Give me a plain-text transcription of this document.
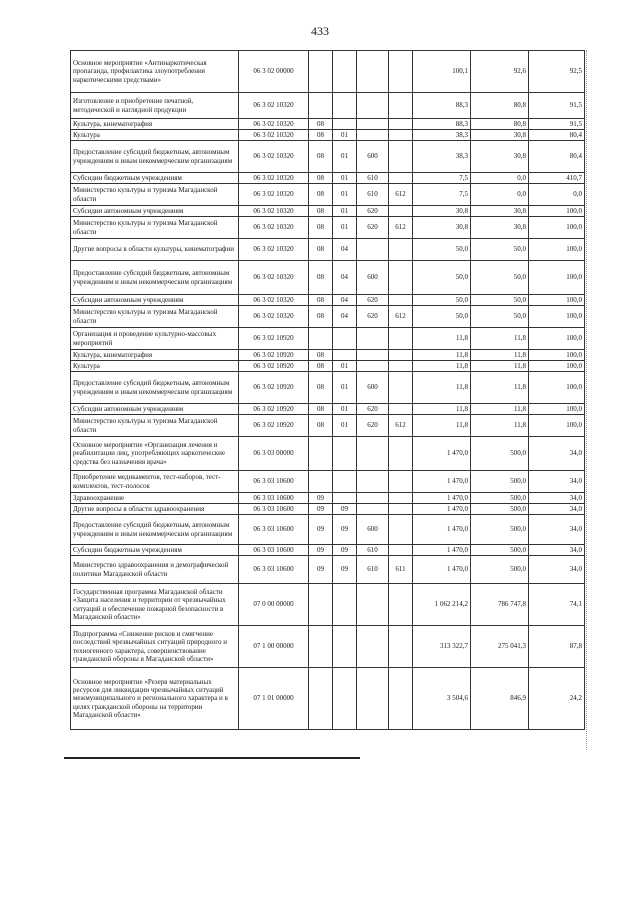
433
Основное мероприятие «Антинаркотическая пропаганда, профилактика злоупотребления наркотическими средствами»	06 3 02 00000					100,1	92,6	92,5
Изготовление и приобретение печатной, методической и наглядной продукции	06 3 02 10320					88,3	80,8	91,5
Культура, кинематография	06 3 02 10320	08				88,3	80,8	91,5
Культура	06 3 02 10320	08	01			38,3	30,8	80,4
Предоставление субсидий бюджетным, автономным учреждениям и иным некоммерческим организациям	06 3 02 10320	08	01	600		38,3	30,8	80,4
Субсидии бюджетным учреждениям	06 3 02 10320	08	01	610		7,5	0,0	410,7
Министерство культуры и туризма Магаданской области	06 3 02 10320	08	01	610	612	7,5	0,0	0,0
Субсидии автономным учреждениям	06 3 02 10320	08	01	620		30,8	30,8	100,0
Министерство культуры и туризма Магаданской области	06 3 02 10320	08	01	620	612	30,8	30,8	100,0
Другие вопросы в области культуры, кинематографии	06 3 02 10320	08	04			50,0	50,0	100,0
Предоставление субсидий бюджетным, автономным учреждениям и иным некоммерческим организациям	06 3 02 10320	08	04	600		50,0	50,0	100,0
Субсидии автономным учреждениям	06 3 02 10320	08	04	620		50,0	50,0	100,0
Министерство культуры и туризма Магаданской области	06 3 02 10320	08	04	620	612	50,0	50,0	100,0
Организация и проведение культурно-массовых мероприятий	06 3 02 10920					11,8	11,8	100,0
Культура, кинематография	06 3 02 10920	08				11,8	11,8	100,0
Культура	06 3 02 10920	08	01			11,8	11,8	100,0
Предоставление субсидий бюджетным, автономным учреждениям и иным некоммерческим организациям	06 3 02 10920	08	01	600		11,8	11,8	100,0
Субсидии автономным учреждениям	06 3 02 10920	08	01	620		11,8	11,8	100,0
Министерство культуры и туризма Магаданской области	06 3 02 10920	08	01	620	612	11,8	11,8	100,0
Основное мероприятие «Организация лечения и реабилитации лиц, употребляющих наркотические средства без назначения врача»	06 3 03 00000					1 470,0	500,0	34,0
Приобретение медикаментов, тест-наборов, тест-комплектов, тест-полосок	06 3 03 10600					1 470,0	500,0	34,0
Здравоохранение	06 3 03 10600	09				1 470,0	500,0	34,0
Другие вопросы в области здравоохранения	06 3 03 10600	09	09			1 470,0	500,0	34,0
Предоставление субсидий бюджетным, автономным учреждениям и иным некоммерческим организациям	06 3 03 10600	09	09	600		1 470,0	500,0	34,0
Субсидии бюджетным учреждениям	06 3 03 10600	09	09	610		1 470,0	500,0	34,0
Министерство здравоохранения и демографической политики Магаданской области	06 3 03 10600	09	09	610	611	1 470,0	500,0	34,0
Государственная программа Магаданской области «Защита населения и территории от чрезвычайных ситуаций и обеспечение пожарной безопасности в Магаданской области»	07 0 00 00000					1 062 214,2	786 747,8	74,1
Подпрограмма «Снижение рисков и смягчение последствий чрезвычайных ситуаций природного и техногенного характера, совершенствование гражданской обороны в Магаданской области»	07 1 00 00000					313 322,7	275 041,3	87,8
Основное мероприятие «Резерв материальных ресурсов для ликвидации чрезвычайных ситуаций межмуниципального и регионального характера и в целях гражданской обороны на территории Магаданской области»	07 1 01 00000					3 504,6	846,9	24,2
